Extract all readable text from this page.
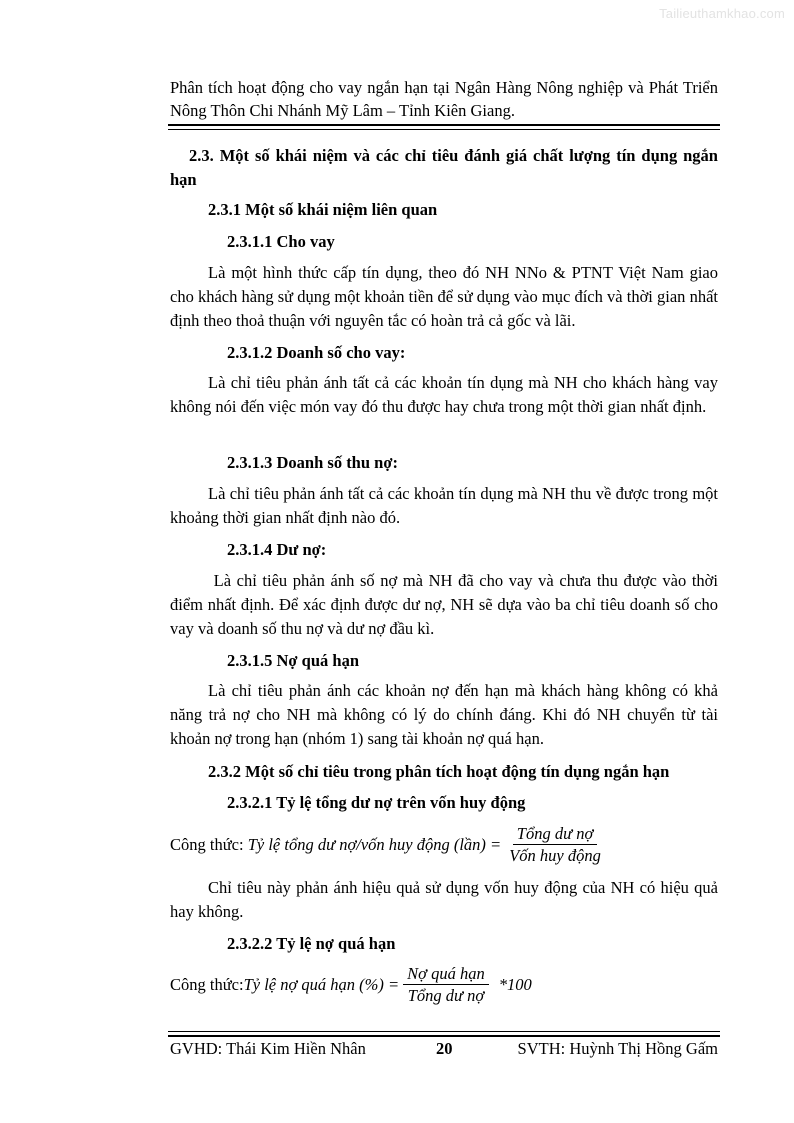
Tailieuthamkhao.com
Phân tích hoạt động cho vay ngắn hạn tại Ngân Hàng Nông nghiệp và Phát Triển Nông Thôn Chi Nhánh Mỹ Lâm – Tỉnh Kiên Giang.
2.3. Một số khái niệm và các chỉ tiêu đánh giá chất lượng tín dụng ngắn hạn
2.3.1 Một số khái niệm liên quan
2.3.1.1 Cho vay
Là một hình thức cấp tín dụng, theo đó NH NNo & PTNT Việt Nam giao cho khách hàng sử dụng một khoản tiền để sử dụng vào mục đích và thời gian nhất định theo thoả thuận với nguyên tắc có hoàn trả cả gốc và lãi.
2.3.1.2 Doanh số cho vay:
Là chỉ tiêu phản ánh tất cả các khoản tín dụng mà NH cho khách hàng vay không nói đến việc món vay đó thu được hay chưa trong một thời gian nhất định.
2.3.1.3 Doanh số thu nợ:
Là chỉ tiêu phản ánh tất cả các khoản tín dụng mà NH thu về được trong một khoảng thời gian nhất định nào đó.
2.3.1.4 Dư nợ:
Là chỉ tiêu phản ánh số nợ mà NH đã cho vay và chưa thu được vào thời điểm nhất định. Để xác định được dư nợ, NH sẽ dựa vào ba chỉ tiêu doanh số cho vay và doanh số thu nợ và dư nợ đầu kì.
2.3.1.5 Nợ quá hạn
Là chỉ tiêu phản ánh các khoản nợ đến hạn mà khách hàng không có khả năng trả nợ cho NH mà không có lý do chính đáng. Khi đó NH chuyển từ tài khoản nợ trong hạn (nhóm 1) sang tài khoản nợ quá hạn.
2.3.2 Một số chỉ tiêu trong phân tích hoạt động tín dụng ngắn hạn
2.3.2.1 Tỷ lệ tổng dư nợ trên vốn huy động
Công thức: Tỷ lệ tổng dư nợ/vốn huy động (lần) = $\frac{\text{Tổng dư nợ}}{\text{Vốn huy động}}$
Chỉ tiêu này phản ánh hiệu quả sử dụng vốn huy động của NH có hiệu quả hay không.
2.3.2.2 Tỷ lệ nợ quá hạn
Công thức: Tỷ lệ nợ quá hạn (%) = $\frac{\text{Nợ quá hạn}}{\text{Tổng dư nợ}} *100$
GVHD: Thái Kim Hiền Nhân	20	SVTH: Huỳnh Thị Hồng Gấm
